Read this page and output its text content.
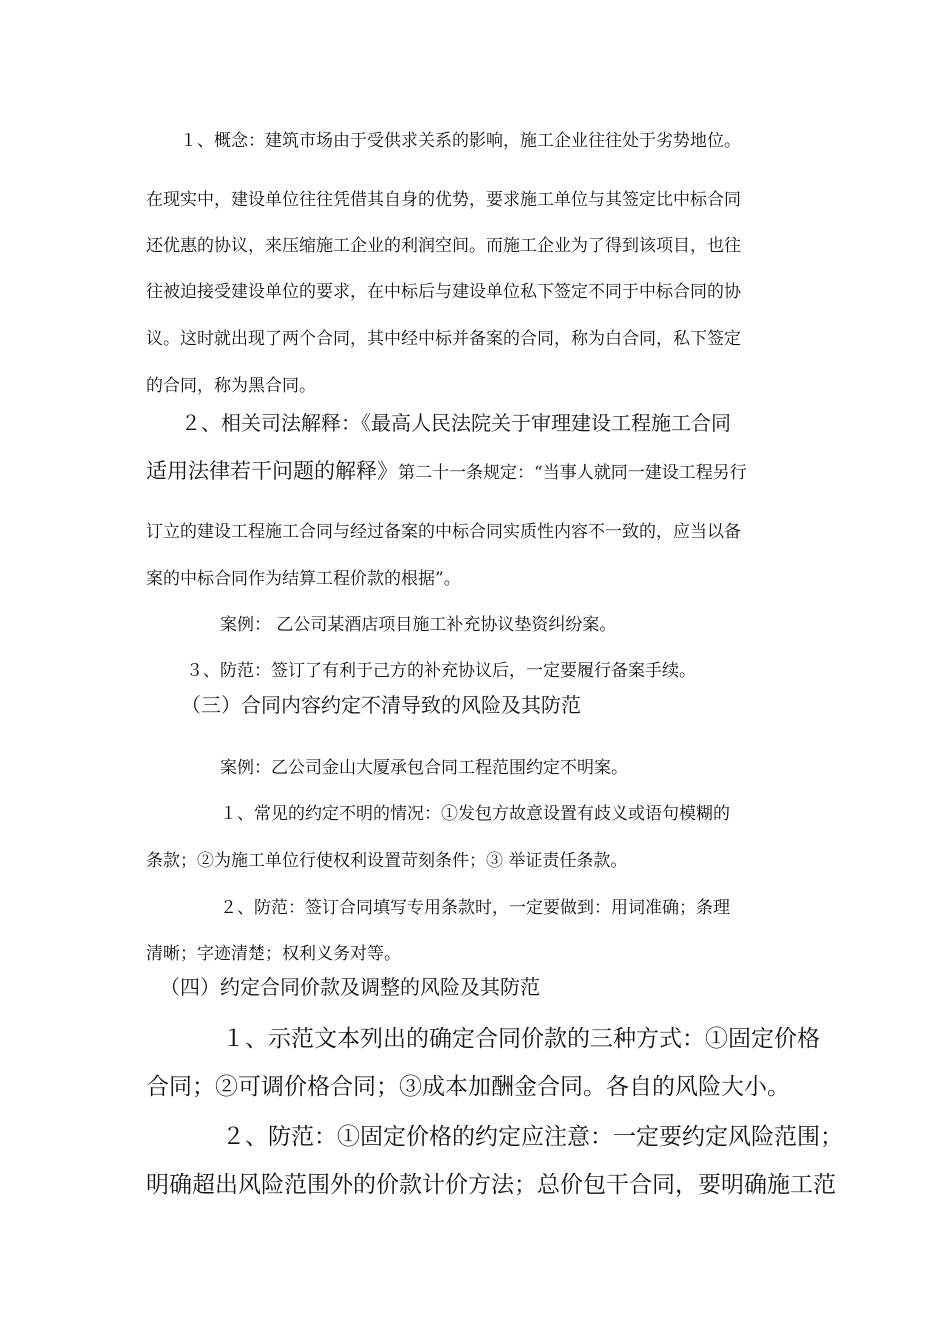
１、概念：建筑市场由于受供求关系的影响，施工企业往往处于劣势地位。

在现实中，建设单位往往凭借其自身的优势，要求施工单位与其签定比中标合同

还优惠的协议，来压缩施工企业的利润空间。而施工企业为了得到该项目，也往

往被迫接受建设单位的要求，在中标后与建设单位私下签定不同于中标合同的协

议。这时就出现了两个合同，其中经中标并备案的合同，称为白合同，私下签定

的合同，称为黑合同。

２、相关司法解释：《最高人民法院关于审理建设工程施工合同

适用法律若干问题的解释》第二十一条规定：“当事人就同一建设工程另行

订立的建设工程施工合同与经过备案的中标合同实质性内容不一致的，应当以备

案的中标合同作为结算工程价款的根据”。

案例： 乙公司某酒店项目施工补充协议垫资纠纷案。

３、防范：签订了有利于己方的补充协议后，一定要履行备案手续。

（三）合同内容约定不清导致的风险及其防范

案例：乙公司金山大厦承包合同工程范围约定不明案。

１、常见的约定不明的情况：①发包方故意设置有歧义或语句模糊的

条款；②为施工单位行使权利设置苛刻条件；③ 举证责任条款。

２、防范：签订合同填写专用条款时，一定要做到：用词准确；条理

清晰；字迹清楚；权利义务对等。

（四）约定合同价款及调整的风险及其防范

１、示范文本列出的确定合同价款的三种方式：①固定价格

合同；②可调价格合同；③成本加酬金合同。各自的风险大小。

２、防范：①固定价格的约定应注意：一定要约定风险范围；

明确超出风险范围外的价款计价方法；总价包干合同，要明确施工范
